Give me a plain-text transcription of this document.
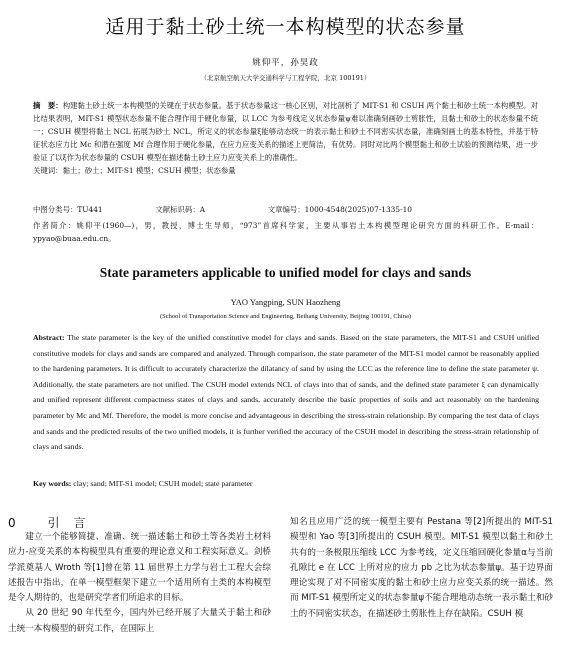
适用于黏土砂土统一本构模型的状态参量
姚仰平，孙昊政
（北京航空航天大学交通科学与工程学院，北京 100191）

摘　要：构建黏土砂土统一本构模型的关键在于状态参量。基于状态参量这一核心区别，对比剖析了 MIT-S1 和 CSUH 两个黏土和砂土统一本构模型。对比结果表明，MIT-S1 模型状态参量不能合理作用于硬化参量，以 LCC 为参考线定义状态参量ψ难以准确刻画砂土剪胀性，且黏土和砂土的状态参量不统一；CSUH 模型将黏土 NCL 拓展为砂土 NCL，所定义的状态参量ξ能够动态统一的表示黏土和砂土不同密实状态量，准确刻画土的基本特性，并基于特征状态应力比 Mc 和潜在强度 Mf 合理作用于硬化参量，在应力应变关系的描述上更简洁，有优势。同时对比两个模型黏土和砂土试验的预测结果，进一步验证了以ξ作为状态参量的 CSUH 模型在描述黏土砂土应力应变关系上的准确性。

关键词：黏土；砂土；MIT-S1 模型；CSUH 模型；状态参量

中图分类号：TU441	文献标识码：A	文章编号：1000-4548(2025)07-1335-10
作者简介：姚仰平(1960—)，男，教授，博士生导师，“973”首席科学家，主要从事岩土本构模型理论研究方面的科研工作。E-mail：ypyao@buaa.edu.cn。
State parameters applicable to unified model for clays and sands
YAO Yangping, SUN Haozheng
(School of Transportation Science and Engineering, Beihang University, Beijing 100191, China)
Abstract: The state parameter is the key of the unified constitutive model for clays and sands. Based on the state parameters, the MIT-S1 and CSUH unified constitutive models for clays and sands are compared and analyzed. Through comparison, the state parameter of the MIT-S1 model cannot be reasonably applied to the hardening parameters. It is difficult to accurately characterize the dilatancy of sand by using the LCC as the reference line to define the state parameter ψ. Additionally, the state parameters are not unified. The CSUH model extends NCL of clays into that of sands, and the defined state parameter ξ can dynamically and unified represent different compactness states of clays and sands, accurately describe the basic properties of soils and act reasonably on the hardening parameter by Mc and Mf. Therefore, the model is more concise and advantageous in describing the stress-strain relationship. By comparing the test data of clays and sands and the predicted results of the two unified models, it is further verified the accuracy of the CSUH model in describing the stress-strain relationship of clays and sands.
Key words: clay; sand; MIT-S1 model; CSUH model; state parameter
0 引言

建立一个能够简捷、准确、统一描述黏土和砂土等各类岩土材料应力-应变关系的本构模型具有重要的理论意义和工程实际意义。剑桥学派奠基人 Wroth 等[1]曾在第 11 届世界土力学与岩土工程大会综述报告中指出，在单一模型框架下建立一个适用所有土类的本构模型是令人期待的，也是研究学者们所追求的目标。

从 20 世纪 90 年代至今，国内外已经开展了大量关于黏土和砂土统一本构模型的研究工作，在国际上

知名且应用广泛的统一模型主要有 Pestana 等[2]所提出的 MIT-S1 模型和 Yao 等[3]所提出的 CSUH 模型。MIT-S1 模型以黏土和砂土共有的一条极限压缩线 LCC 为参考线，定义压缩回硬化参量α与当前孔隙比 e 在 LCC 上所对应的应力 pb 之比为状态参量ψ。基于边界面理论实现了对不同密实度的黏土和砂土应力应变关系的统一描述。然而 MIT-S1 模型所定义的状态参量ψ不能合理地动态统一表示黏土和砂土的不同密实状态，在描述砂土剪胀性上存在缺陷。CSUH 模
